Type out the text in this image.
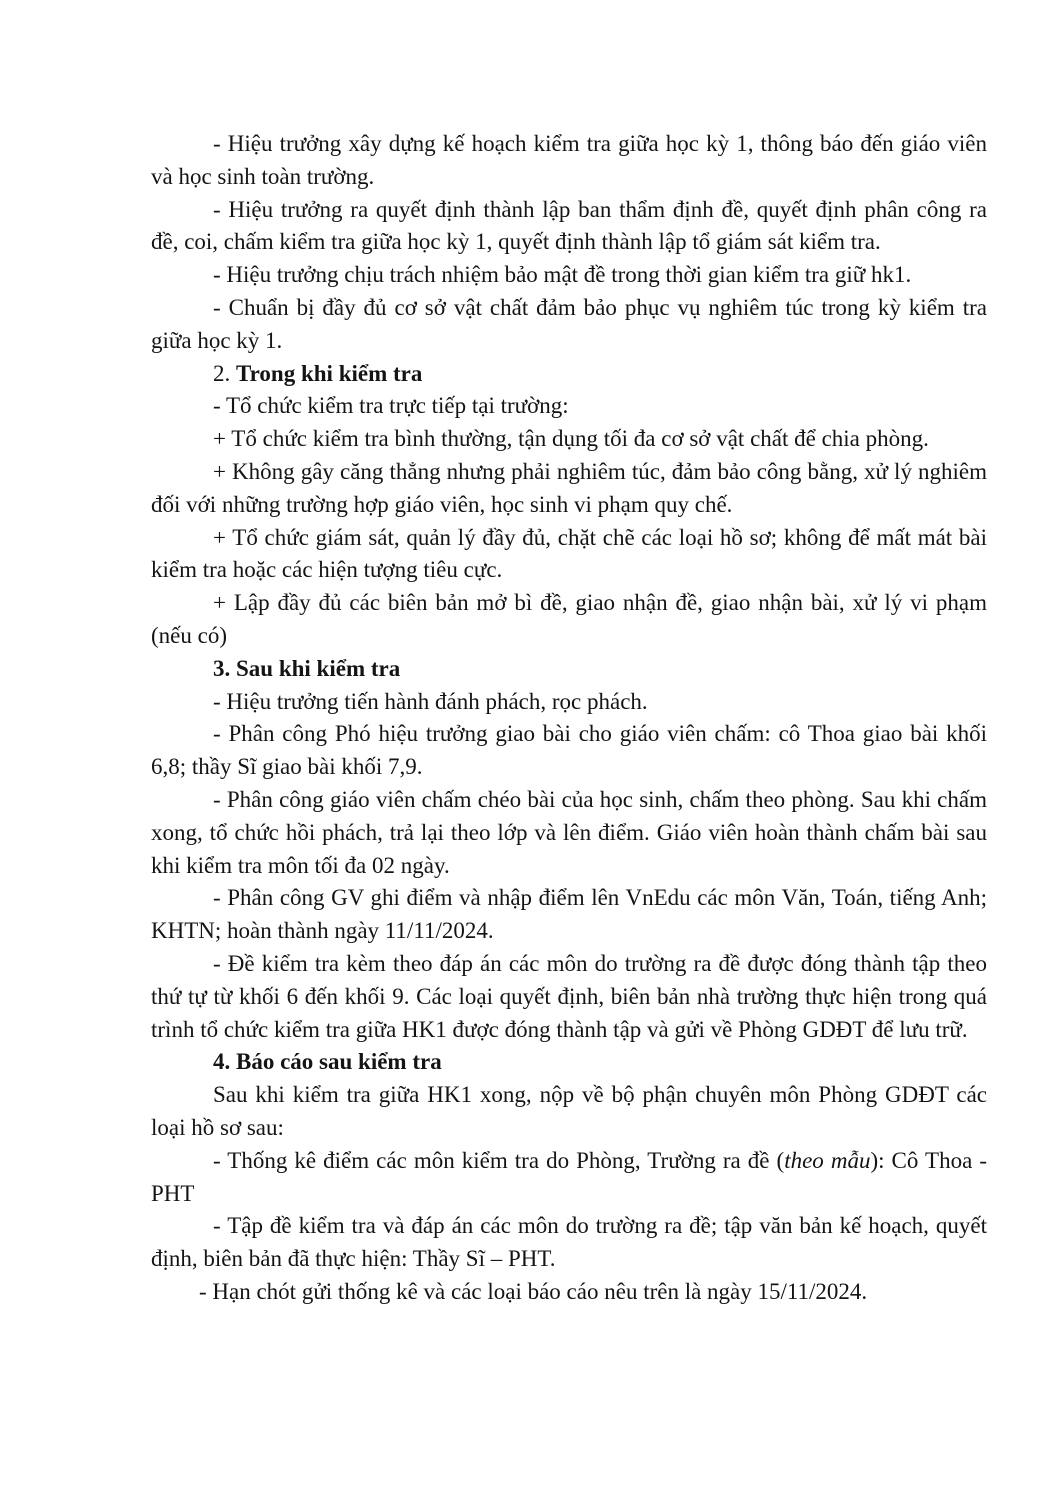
- Hiệu trưởng xây dựng kế hoạch kiểm tra giữa học kỳ 1, thông báo đến giáo viên và học sinh toàn trường.

- Hiệu trưởng ra quyết định thành lập ban thẩm định đề, quyết định phân công ra đề, coi, chấm kiểm tra giữa học kỳ 1, quyết định thành lập tổ giám sát kiểm tra.

- Hiệu trưởng chịu trách nhiệm bảo mật đề trong thời gian kiểm tra giữ hk1.

- Chuẩn bị đầy đủ cơ sở vật chất đảm bảo phục vụ nghiêm túc trong kỳ kiểm tra giữa học kỳ 1.

2. Trong khi kiểm tra

- Tổ chức kiểm tra trực tiếp tại trường:

+ Tổ chức kiểm tra bình thường, tận dụng tối đa cơ sở vật chất để chia phòng.

+ Không gây căng thẳng nhưng phải nghiêm túc, đảm bảo công bằng, xử lý nghiêm đối với những trường hợp giáo viên, học sinh vi phạm quy chế.

+ Tổ chức giám sát, quản lý đầy đủ, chặt chẽ các loại hồ sơ; không để mất mát bài kiểm tra hoặc các hiện tượng tiêu cực.

+ Lập đầy đủ các biên bản mở bì đề, giao nhận đề, giao nhận bài, xử lý vi phạm (nếu có)

3. Sau khi kiểm tra

- Hiệu trưởng tiến hành đánh phách, rọc phách.

- Phân công Phó hiệu trưởng giao bài cho giáo viên chấm: cô Thoa giao bài khối 6,8; thầy Sĩ giao bài khối 7,9.

- Phân công giáo viên chấm chéo bài của học sinh, chấm theo phòng. Sau khi chấm xong, tổ chức hồi phách, trả lại theo lớp và lên điểm. Giáo viên hoàn thành chấm bài sau khi kiểm tra môn tối đa 02 ngày.

- Phân công GV ghi điểm và nhập điểm lên VnEdu các môn Văn, Toán, tiếng Anh; KHTN; hoàn thành ngày 11/11/2024.

- Đề kiểm tra kèm theo đáp án các môn do trường ra đề được đóng thành tập theo thứ tự từ khối 6 đến khối 9. Các loại quyết định, biên bản nhà trường thực hiện trong quá trình tổ chức kiểm tra giữa HK1 được đóng thành tập và gửi về Phòng GDĐT để lưu trữ.

4. Báo cáo sau kiểm tra

Sau khi kiểm tra giữa HK1 xong, nộp về bộ phận chuyên môn Phòng GDĐT các loại hồ sơ sau:

- Thống kê điểm các môn kiểm tra do Phòng, Trường ra đề (theo mẫu): Cô Thoa - PHT

- Tập đề kiểm tra và đáp án các môn do trường ra đề; tập văn bản kế hoạch, quyết định, biên bản đã thực hiện: Thầy Sĩ – PHT.

- Hạn chót gửi thống kê và các loại báo cáo nêu trên là ngày 15/11/2024.
